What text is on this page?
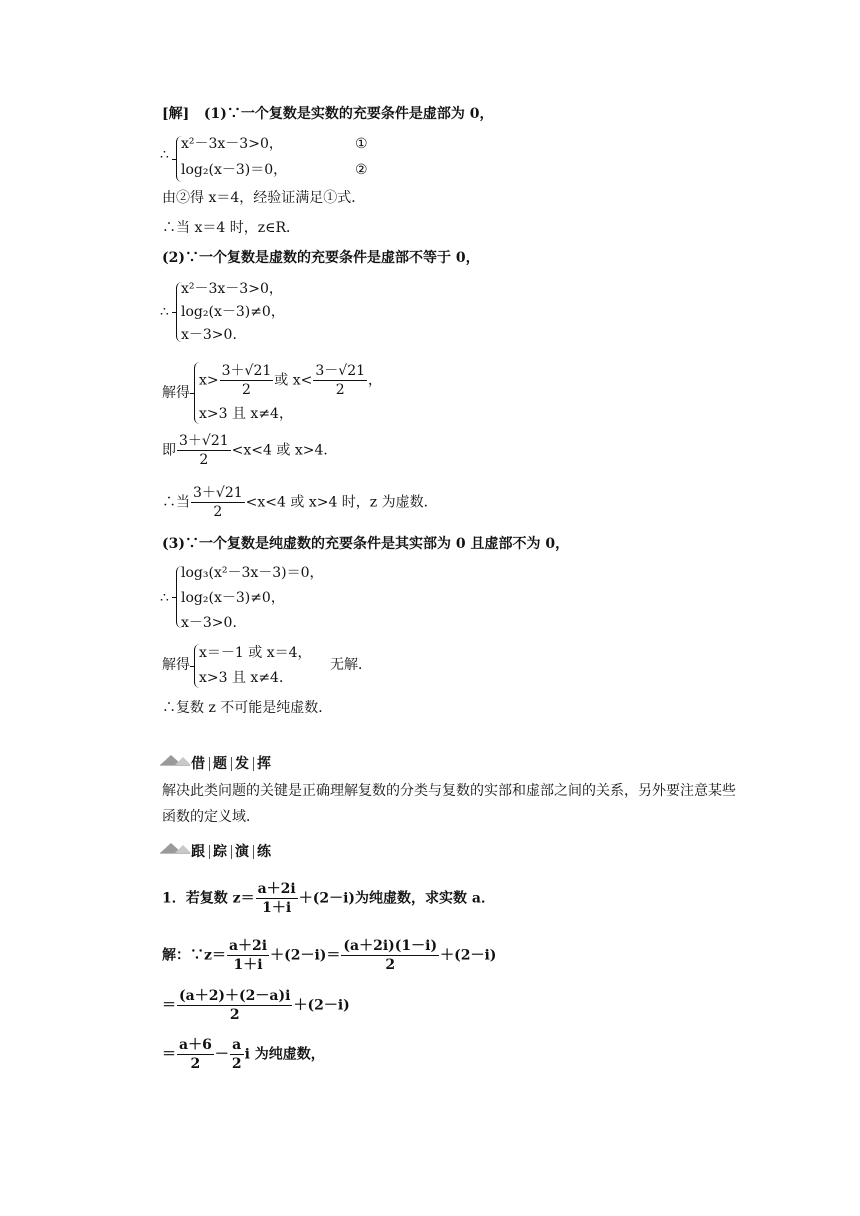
[解] (1)∵一个复数是实数的充要条件是虚部为 0，
∴
x²－3x－3>0，
log₂(x－3)＝0，
①
②
由②得 x＝4，经验证满足①式．
∴当 x＝4 时，z∈R．
(2)∵一个复数是虚数的充要条件是虚部不等于 0，
∴
x²－3x－3>0，
log₂(x－3)≠0，
x－3>0．
解得
$x> \frac{3+√21}{2}$ 或 $x< \frac{3-√21}{2}$ ，
x>3 且 x≠4，
即 $\frac{3+√21}{2} <x<4$ 或 x>4．
∴当 $\frac{3+√21}{2} <x<4$ 或 x>4 时，z 为虚数．
(3)∵一个复数是纯虚数的充要条件是其实部为 0 且虚部不为 0，
∴
log₃(x²－3x－3)＝0，
log₂(x－3)≠0，
x－3>0．
解得
x＝－1 或 x＝4，
x>3 且 x≠4．
无解．
∴复数 z 不可能是纯虚数．
借 题 发 挥
解决此类问题的关键是正确理解复数的分类与复数的实部和虚部之间的关系，另外要注意某些函数的定义域．
跟 踪 演 练
1．若复数 $z= \frac{a+2i}{1+i} +(2-i)$为纯虚数，求实数 a．
解：∵z＝ $\frac{a+2i}{1+i} +(2-i)= \frac{(a+2i)(1-i)}{2} +(2-i)$
＝ $\frac{(a+2)+(2-a)i}{2} +(2-i)$
＝ $\frac{a+6}{2} - \frac{a}{2}$ i 为纯虚数，
